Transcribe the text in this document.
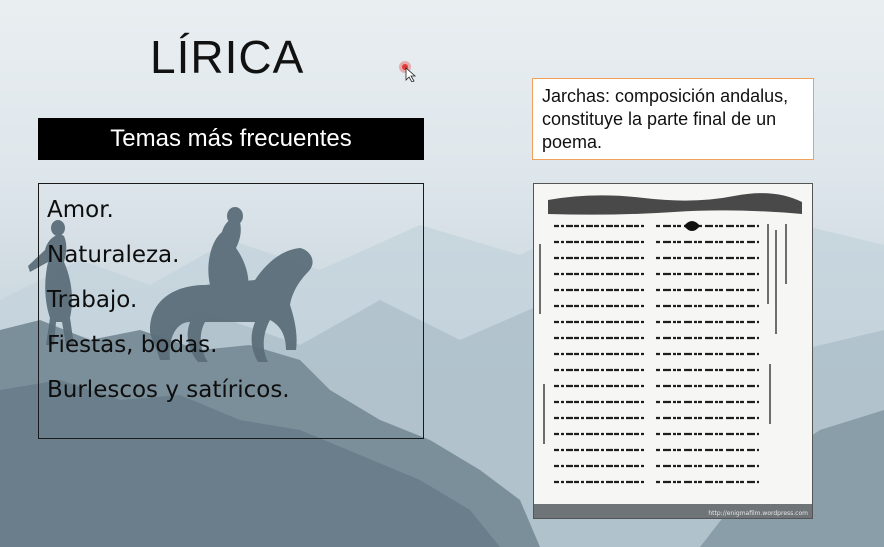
LÍRICA
Temas más frecuentes
Amor.
Naturaleza.
Trabajo.
Fiestas, bodas.
Burlescos y satíricos.
Jarchas: composición andalus, constituye la parte final de un poema.
http://enigmafilm.wordpress.com
